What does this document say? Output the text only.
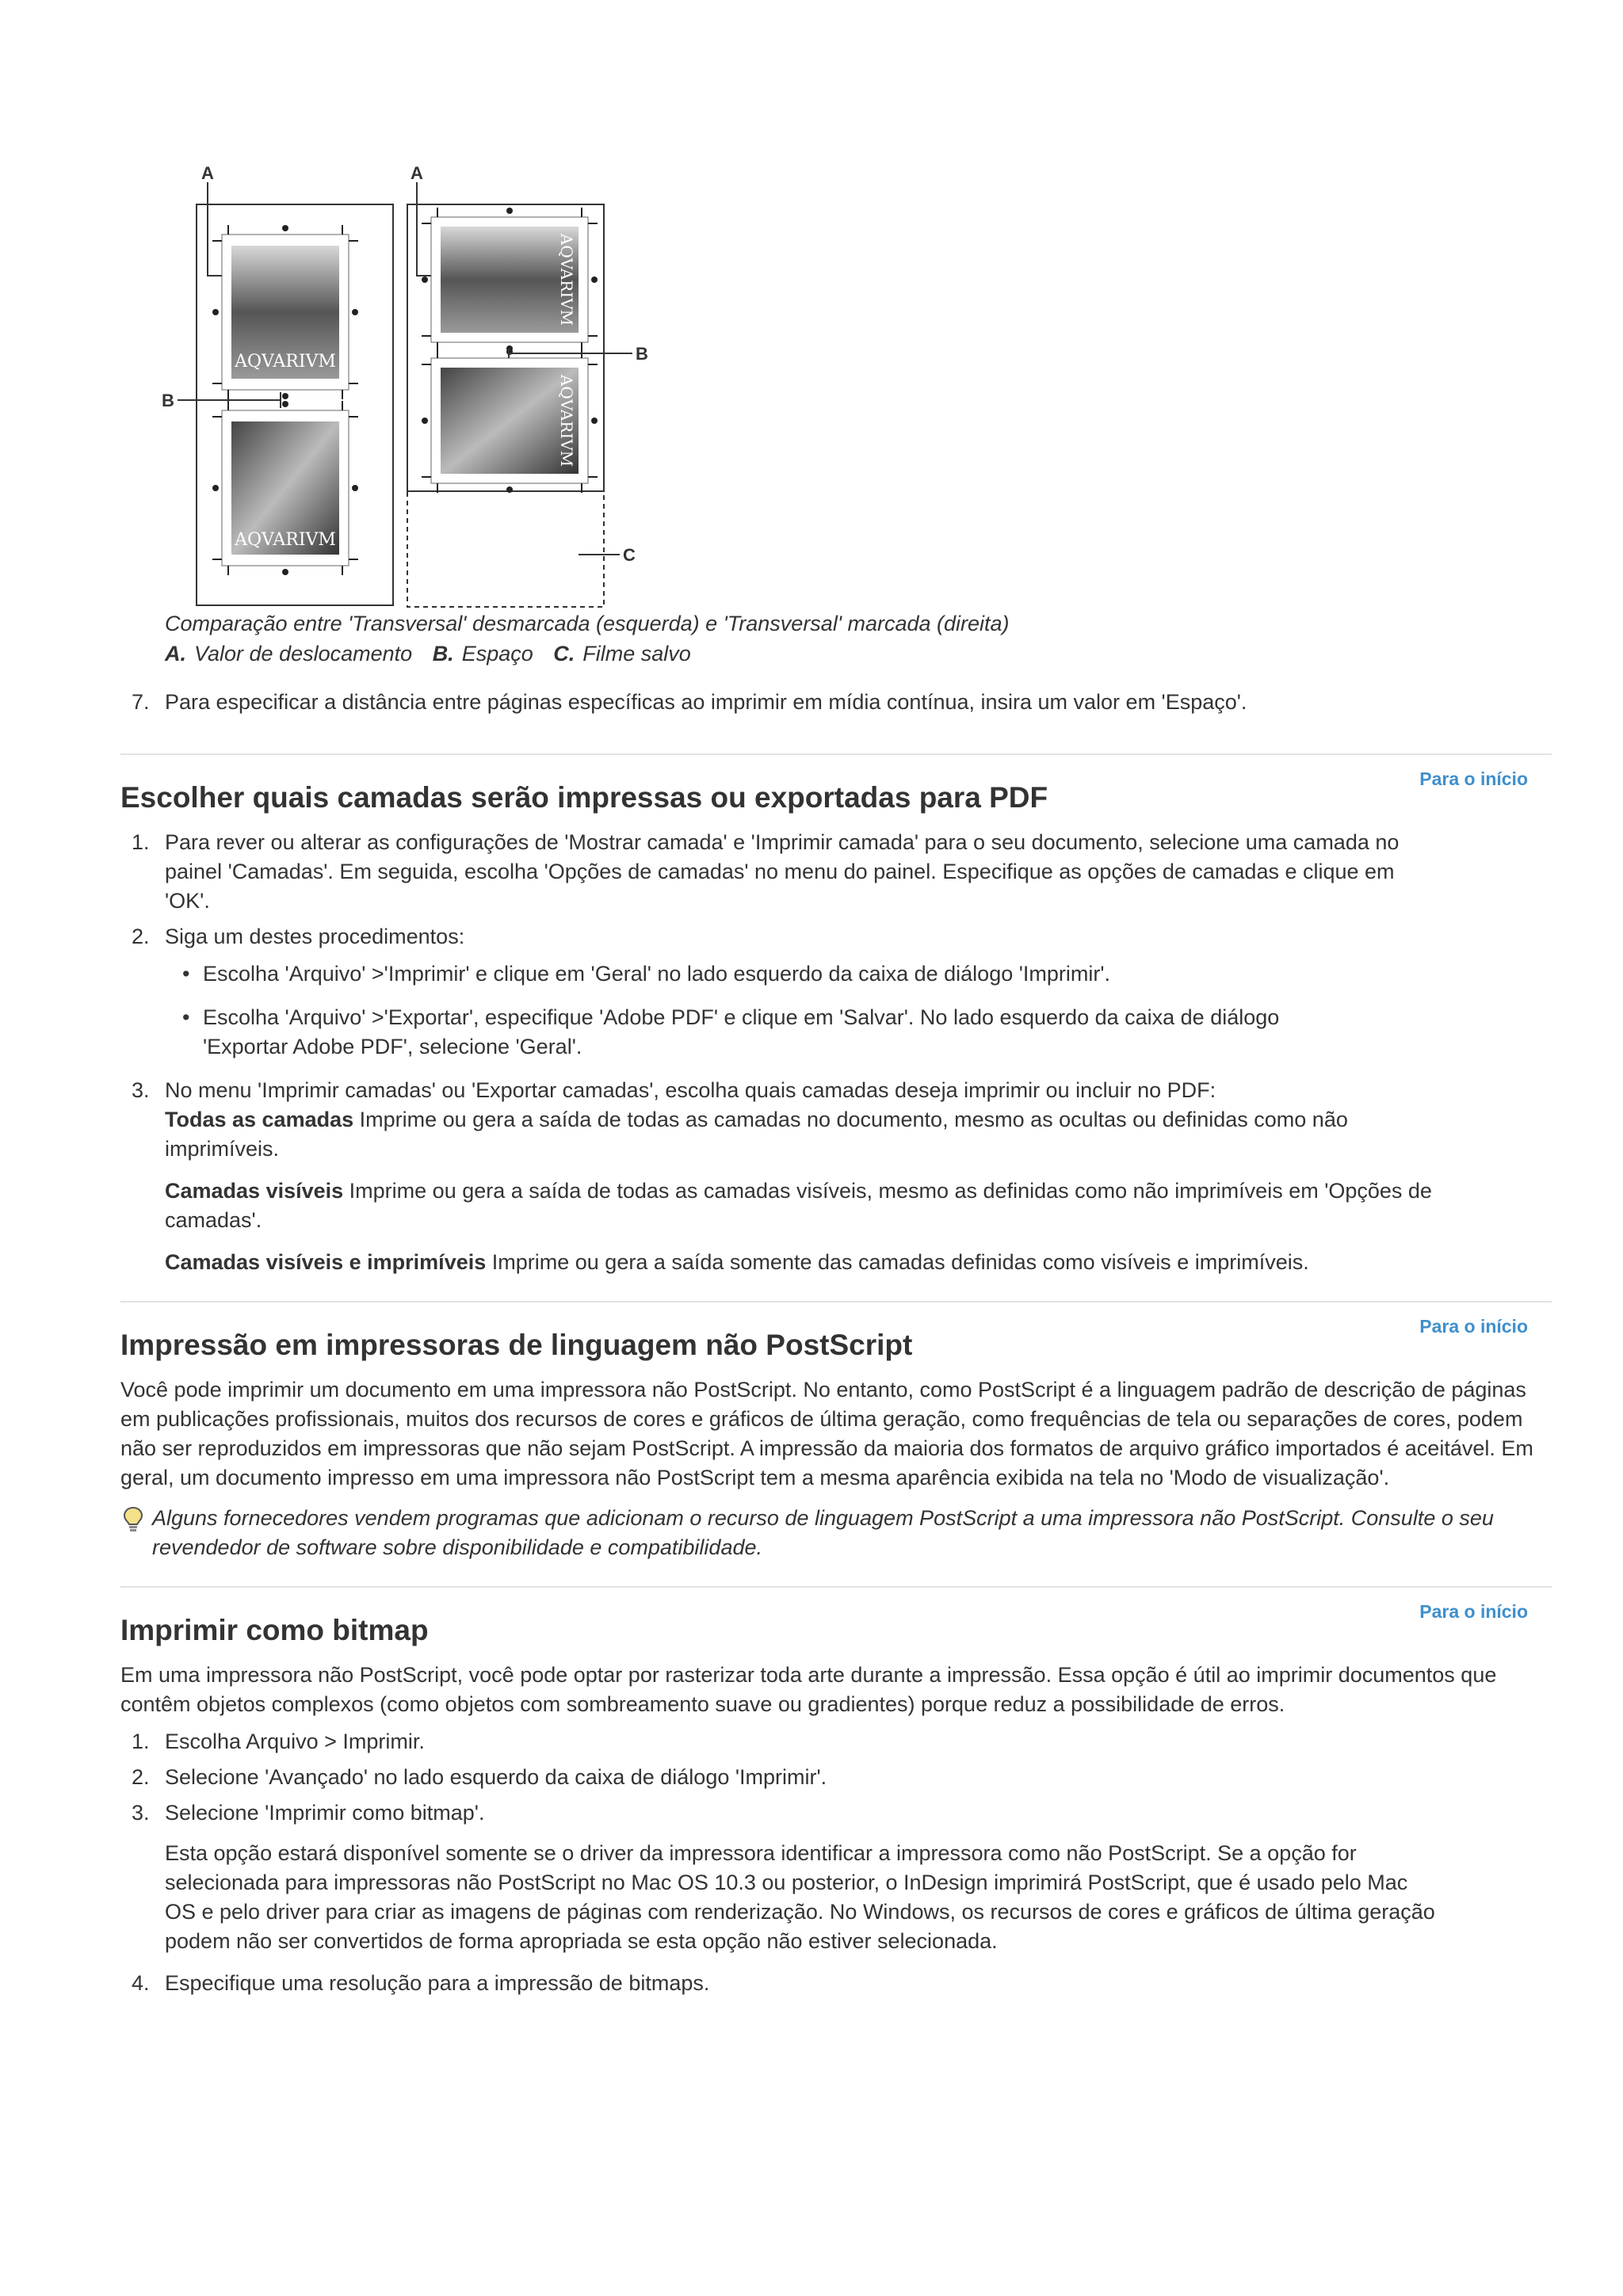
AQVARIVM
AQVARIVM
AQVARIVM
AQVARIVM
A	A
B
B
C
Comparação entre 'Transversal' desmarcada (esquerda) e 'Transversal' marcada (direita)
A. Valor de deslocamento B. Espaço C. Filme salvo
7. Para especificar a distância entre páginas específicas ao imprimir em mídia contínua, insira um valor em 'Espaço'.
Para o início
Escolher quais camadas serão impressas ou exportadas para PDF
1. Para rever ou alterar as configurações de 'Mostrar camada' e 'Imprimir camada' para o seu documento, selecione uma camada no painel 'Camadas'. Em seguida, escolha 'Opções de camadas' no menu do painel. Especifique as opções de camadas e clique em 'OK'.
2. Siga um destes procedimentos:
• Escolha 'Arquivo' >'Imprimir' e clique em 'Geral' no lado esquerdo da caixa de diálogo 'Imprimir'.
• Escolha 'Arquivo' >'Exportar', especifique 'Adobe PDF' e clique em 'Salvar'. No lado esquerdo da caixa de diálogo 'Exportar Adobe PDF', selecione 'Geral'.
3. No menu 'Imprimir camadas' ou 'Exportar camadas', escolha quais camadas deseja imprimir ou incluir no PDF:
Todas as camadas Imprime ou gera a saída de todas as camadas no documento, mesmo as ocultas ou definidas como não imprimíveis.
Camadas visíveis Imprime ou gera a saída de todas as camadas visíveis, mesmo as definidas como não imprimíveis em 'Opções de camadas'.
Camadas visíveis e imprimíveis Imprime ou gera a saída somente das camadas definidas como visíveis e imprimíveis.
Para o início
Impressão em impressoras de linguagem não PostScript

Você pode imprimir um documento em uma impressora não PostScript. No entanto, como PostScript é a linguagem padrão de descrição de páginas em publicações profissionais, muitos dos recursos de cores e gráficos de última geração, como frequências de tela ou separações de cores, podem não ser reproduzidos em impressoras que não sejam PostScript. A impressão da maioria dos formatos de arquivo gráfico importados é aceitável. Em geral, um documento impresso em uma impressora não PostScript tem a mesma aparência exibida na tela no 'Modo de visualização'.

Alguns fornecedores vendem programas que adicionam o recurso de linguagem PostScript a uma impressora não PostScript. Consulte o seu revendedor de software sobre disponibilidade e compatibilidade.
Para o início
Imprimir como bitmap

Em uma impressora não PostScript, você pode optar por rasterizar toda arte durante a impressão. Essa opção é útil ao imprimir documentos que contêm objetos complexos (como objetos com sombreamento suave ou gradientes) porque reduz a possibilidade de erros.

1. Escolha Arquivo > Imprimir.
2. Selecione 'Avançado' no lado esquerdo da caixa de diálogo 'Imprimir'.
3. Selecione 'Imprimir como bitmap'.
Esta opção estará disponível somente se o driver da impressora identificar a impressora como não PostScript. Se a opção for selecionada para impressoras não PostScript no Mac OS 10.3 ou posterior, o InDesign imprimirá PostScript, que é usado pelo Mac OS e pelo driver para criar as imagens de páginas com renderização. No Windows, os recursos de cores e gráficos de última geração podem não ser convertidos de forma apropriada se esta opção não estiver selecionada.
4. Especifique uma resolução para a impressão de bitmaps.
